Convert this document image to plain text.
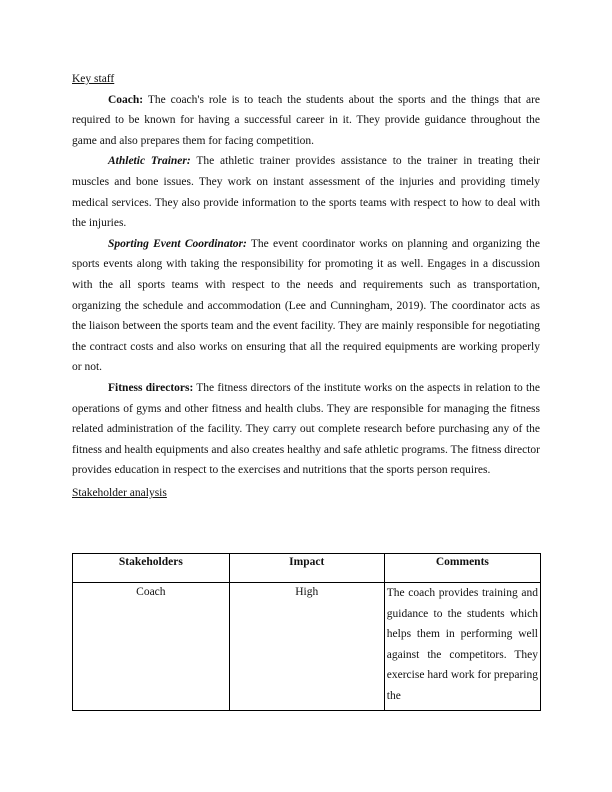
Key staff

Coach: The coach's role is to teach the students about the sports and the things that are required to be known for having a successful career in it. They provide guidance throughout the game and also prepares them for facing competition.

Athletic Trainer: The athletic trainer provides assistance to the trainer in treating their muscles and bone issues. They work on instant assessment of the injuries and providing timely medical services. They also provide information to the sports teams with respect to how to deal with the injuries.

Sporting Event Coordinator: The event coordinator works on planning and organizing the sports events along with taking the responsibility for promoting it as well. Engages in a discussion with the all sports teams with respect to the needs and requirements such as transportation, organizing the schedule and accommodation (Lee and Cunningham, 2019). The coordinator acts as the liaison between the sports team and the event facility. They are mainly responsible for negotiating the contract costs and also works on ensuring that all the required equipments are working properly or not.

Fitness directors: The fitness directors of the institute works on the aspects in relation to the operations of gyms and other fitness and health clubs. They are responsible for managing the fitness related administration of the facility. They carry out complete research before purchasing any of the fitness and health equipments and also creates healthy and safe athletic programs. The fitness director provides education in respect to the exercises and nutritions that the sports person requires.

Stakeholder analysis

Stakeholders	Impact	Comments
Coach	High	The coach provides training and guidance to the students which helps them in performing well against the competitors. They exercise hard work for preparing the
